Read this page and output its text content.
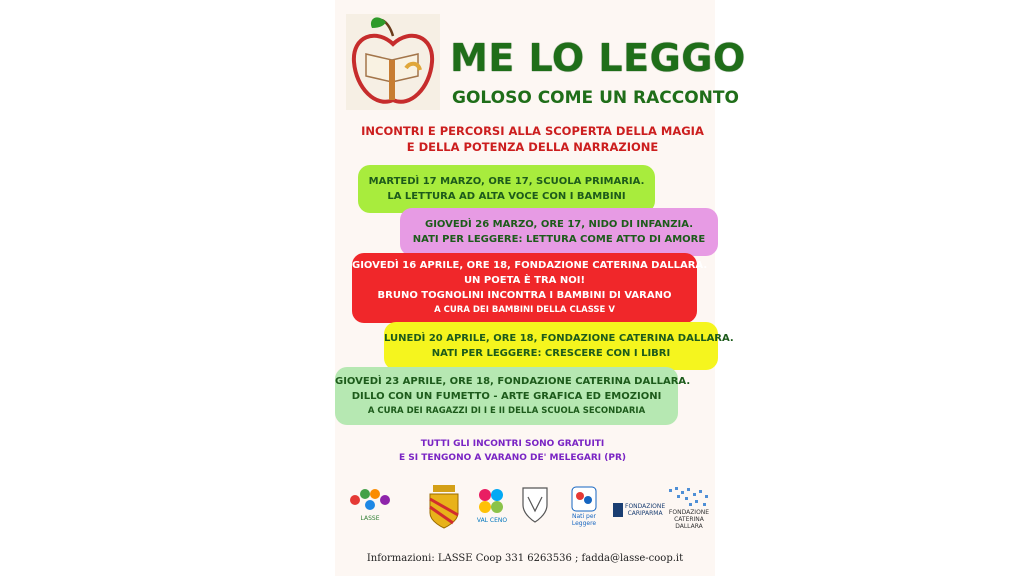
ME LO LEGGO
GOLOSO COME UN RACCONTO
INCONTRI E PERCORSI ALLA SCOPERTA DELLA MAGIA
E DELLA POTENZA DELLA NARRAZIONE
MARTEDÌ 17 MARZO, ORE 17, SCUOLA PRIMARIA.
LA LETTURA AD ALTA VOCE CON I BAMBINI
GIOVEDÌ 26 MARZO, ORE 17, NIDO DI INFANZIA.
NATI PER LEGGERE: LETTURA COME ATTO DI AMORE
GIOVEDÌ 16 APRILE, ORE 18, FONDAZIONE CATERINA DALLARA.
UN POETA È TRA NOI!
BRUNO TOGNOLINI INCONTRA I BAMBINI DI VARANO
A CURA DEI BAMBINI DELLA CLASSE V
LUNEDÌ 20 APRILE, ORE 18, FONDAZIONE CATERINA DALLARA.
NATI PER LEGGERE: CRESCERE CON I LIBRI
GIOVEDÌ 23 APRILE, ORE 18, FONDAZIONE CATERINA DALLARA.
DILLO CON UN FUMETTO - ARTE GRAFICA ED EMOZIONI
A CURA DEI RAGAZZI DI I E II DELLA SCUOLA SECONDARIA
TUTTI GLI INCONTRI SONO GRATUITI
E SI TENGONO A VARANO DE' MELEGARI (PR)
LASSE	VAL CENO
Nati per
Leggere
FONDAZIONE
CARIPARMA	FONDAZIONE
CATERINA
DALLARA
Informazioni: LASSE Coop 331 6263536 ; fadda@lasse-coop.it
